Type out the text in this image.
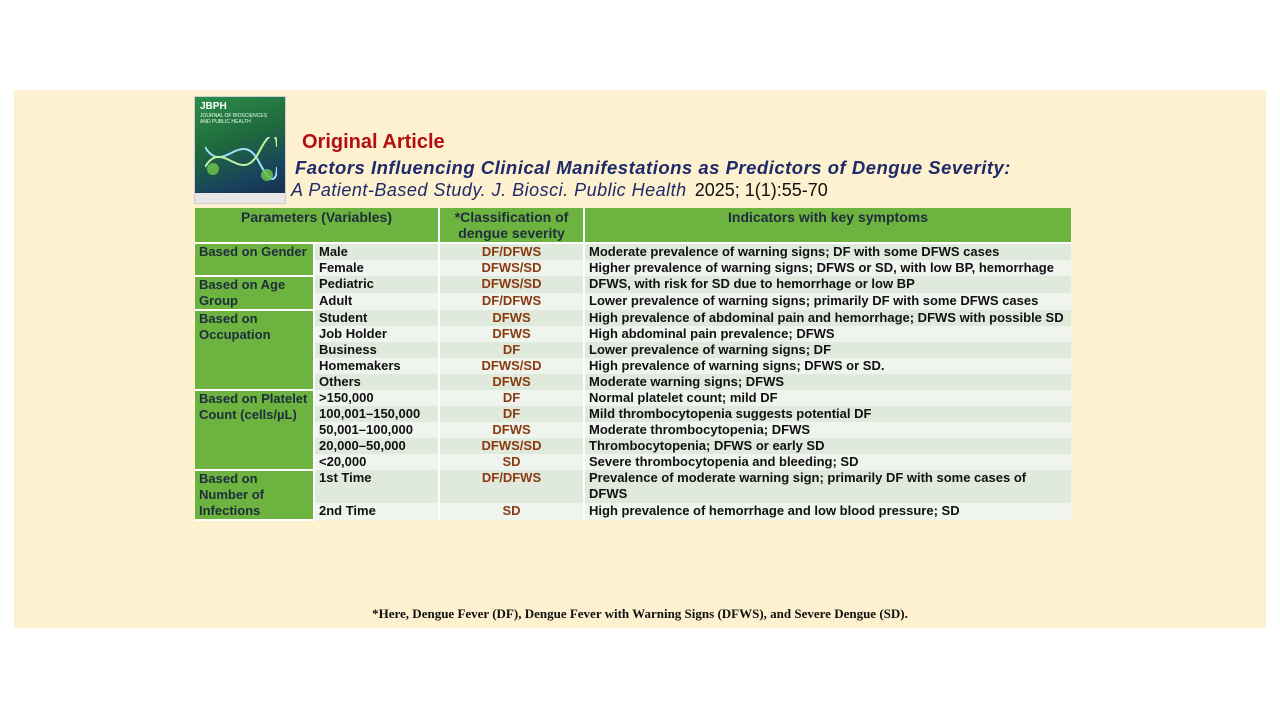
JBPH
JOURNAL OF BIOSCIENCES AND PUBLIC HEALTH
Original Article
Factors Influencing Clinical Manifestations as Predictors of Dengue Severity:
A Patient-Based Study. J. Biosci. Public Health 2025; 1(1):55-70
Parameters (Variables)		*Classification of dengue severity	Indicators with key symptoms
Based on Gender	Male	DF/DFWS	Moderate prevalence of warning signs; DF with some DFWS cases
	Female	DFWS/SD	Higher prevalence of warning signs; DFWS or SD, with low BP, hemorrhage
Based on Age Group	Pediatric	DFWS/SD	DFWS, with risk for SD due to hemorrhage or low BP
	Adult	DF/DFWS	Lower prevalence of warning signs; primarily DF with some DFWS cases
Based on Occupation	Student	DFWS	High prevalence of abdominal pain and hemorrhage; DFWS with possible SD
	Job Holder	DFWS	High abdominal pain prevalence; DFWS
	Business	DF	Lower prevalence of warning signs; DF
	Homemakers	DFWS/SD	High prevalence of warning signs; DFWS or SD.
	Others	DFWS	Moderate warning signs; DFWS
Based on Platelet Count (cells/µL)	>150,000	DF	Normal platelet count; mild DF
	100,001–150,000	DF	Mild thrombocytopenia suggests potential DF
	50,001–100,000	DFWS	Moderate thrombocytopenia; DFWS
	20,000–50,000	DFWS/SD	Thrombocytopenia; DFWS or early SD
	<20,000	SD	Severe thrombocytopenia and bleeding; SD
Based on Number of Infections	1st Time	DF/DFWS	Prevalence of moderate warning sign; primarily DF with some cases of DFWS
	2nd Time	SD	High prevalence of hemorrhage and low blood pressure; SD
*Here, Dengue Fever (DF), Dengue Fever with Warning Signs (DFWS), and Severe Dengue (SD).
